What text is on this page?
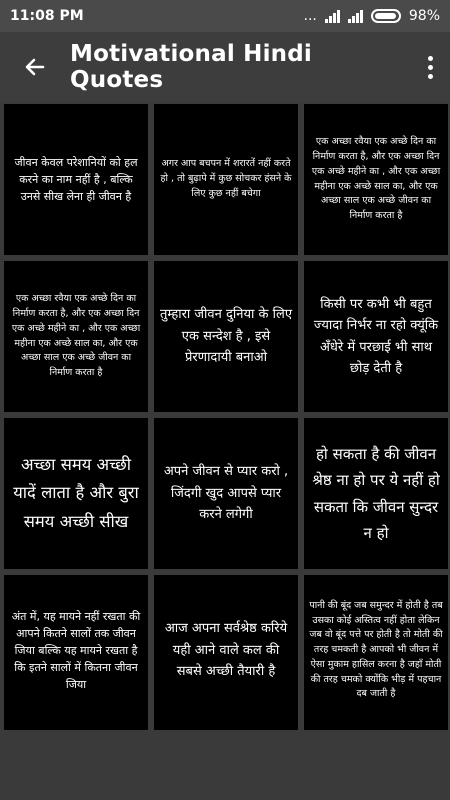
11:08 PM	...	98%
Motivational Hindi Quotes

जीवन केवल परेशानियों को हल करने का नाम नहीं है , बल्कि उनसे सीख लेना ही जीवन है

अगर आप बचपन में शरारतें नहीं करते हो , तो बुढ़ापे में कुछ सोचकर हंसने के लिए कुछ नहीं बचेगा

एक अच्छा रवैया एक अच्छे दिन का निर्माण करता है, और एक अच्छा दिन एक अच्छे महीने का , और एक अच्छा महीना एक अच्छे साल का, और एक अच्छा साल एक अच्छे जीवन का निर्माण करता है

एक अच्छा रवैया एक अच्छे दिन का निर्माण करता है, और एक अच्छा दिन एक अच्छे महीने का , और एक अच्छा महीना एक अच्छे साल का, और एक अच्छा साल एक अच्छे जीवन का निर्माण करता है

तुम्हारा जीवन दुनिया के लिए एक सन्देश है , इसे प्रेरणादायी बनाओ

किसी पर कभी भी बहुत ज्यादा निर्भर ना रहो क्यूंकि अँधेरे में परछाई भी साथ छोड़ देती है

अच्छा समय अच्छी यादें लाता है और बुरा समय अच्छी सीख

अपने जीवन से प्यार करो , जिंदगी खुद आपसे प्यार करने लगेगी

हो सकता है की जीवन श्रेष्ठ ना हो पर ये नहीं हो सकता कि जीवन सुन्दर न हो

अंत में, यह मायने नहीं रखता की आपने कितने सालों तक जीवन जिया बल्कि यह मायने रखता है कि इतने सालों में कितना जीवन जिया

आज अपना सर्वश्रेष्ठ करिये यही आने वाले कल की सबसे अच्छी तैयारी है

पानी की बूंद जब समुन्दर में होती है तब उसका कोई अस्तित्व नहीं होता लेकिन जब वो बूंद पत्ते पर होती है तो मोती की तरह चमकती है आपको भी जीवन में ऐसा मुकाम हासिल करना है जहाँ मोती की तरह चमको क्योंकि भीड़ में पहचान दब जाती है
